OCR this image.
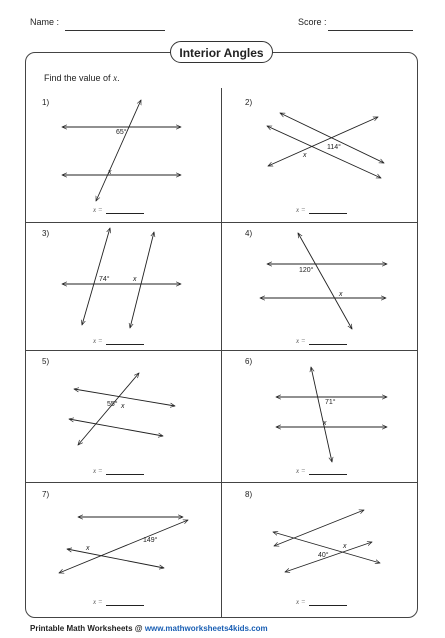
Name :	Score :
Interior Angles
Find the value of x.
1)	2)
3)	4)
5)	6)
7)	8)
x =	x =
x =	x =
x =	x =
x =	x =
65°
x
114°
x
74°	x
120°
x
55° x
71°
x
149°
x
40°
x
Printable Math Worksheets @ www.mathworksheets4kids.com
